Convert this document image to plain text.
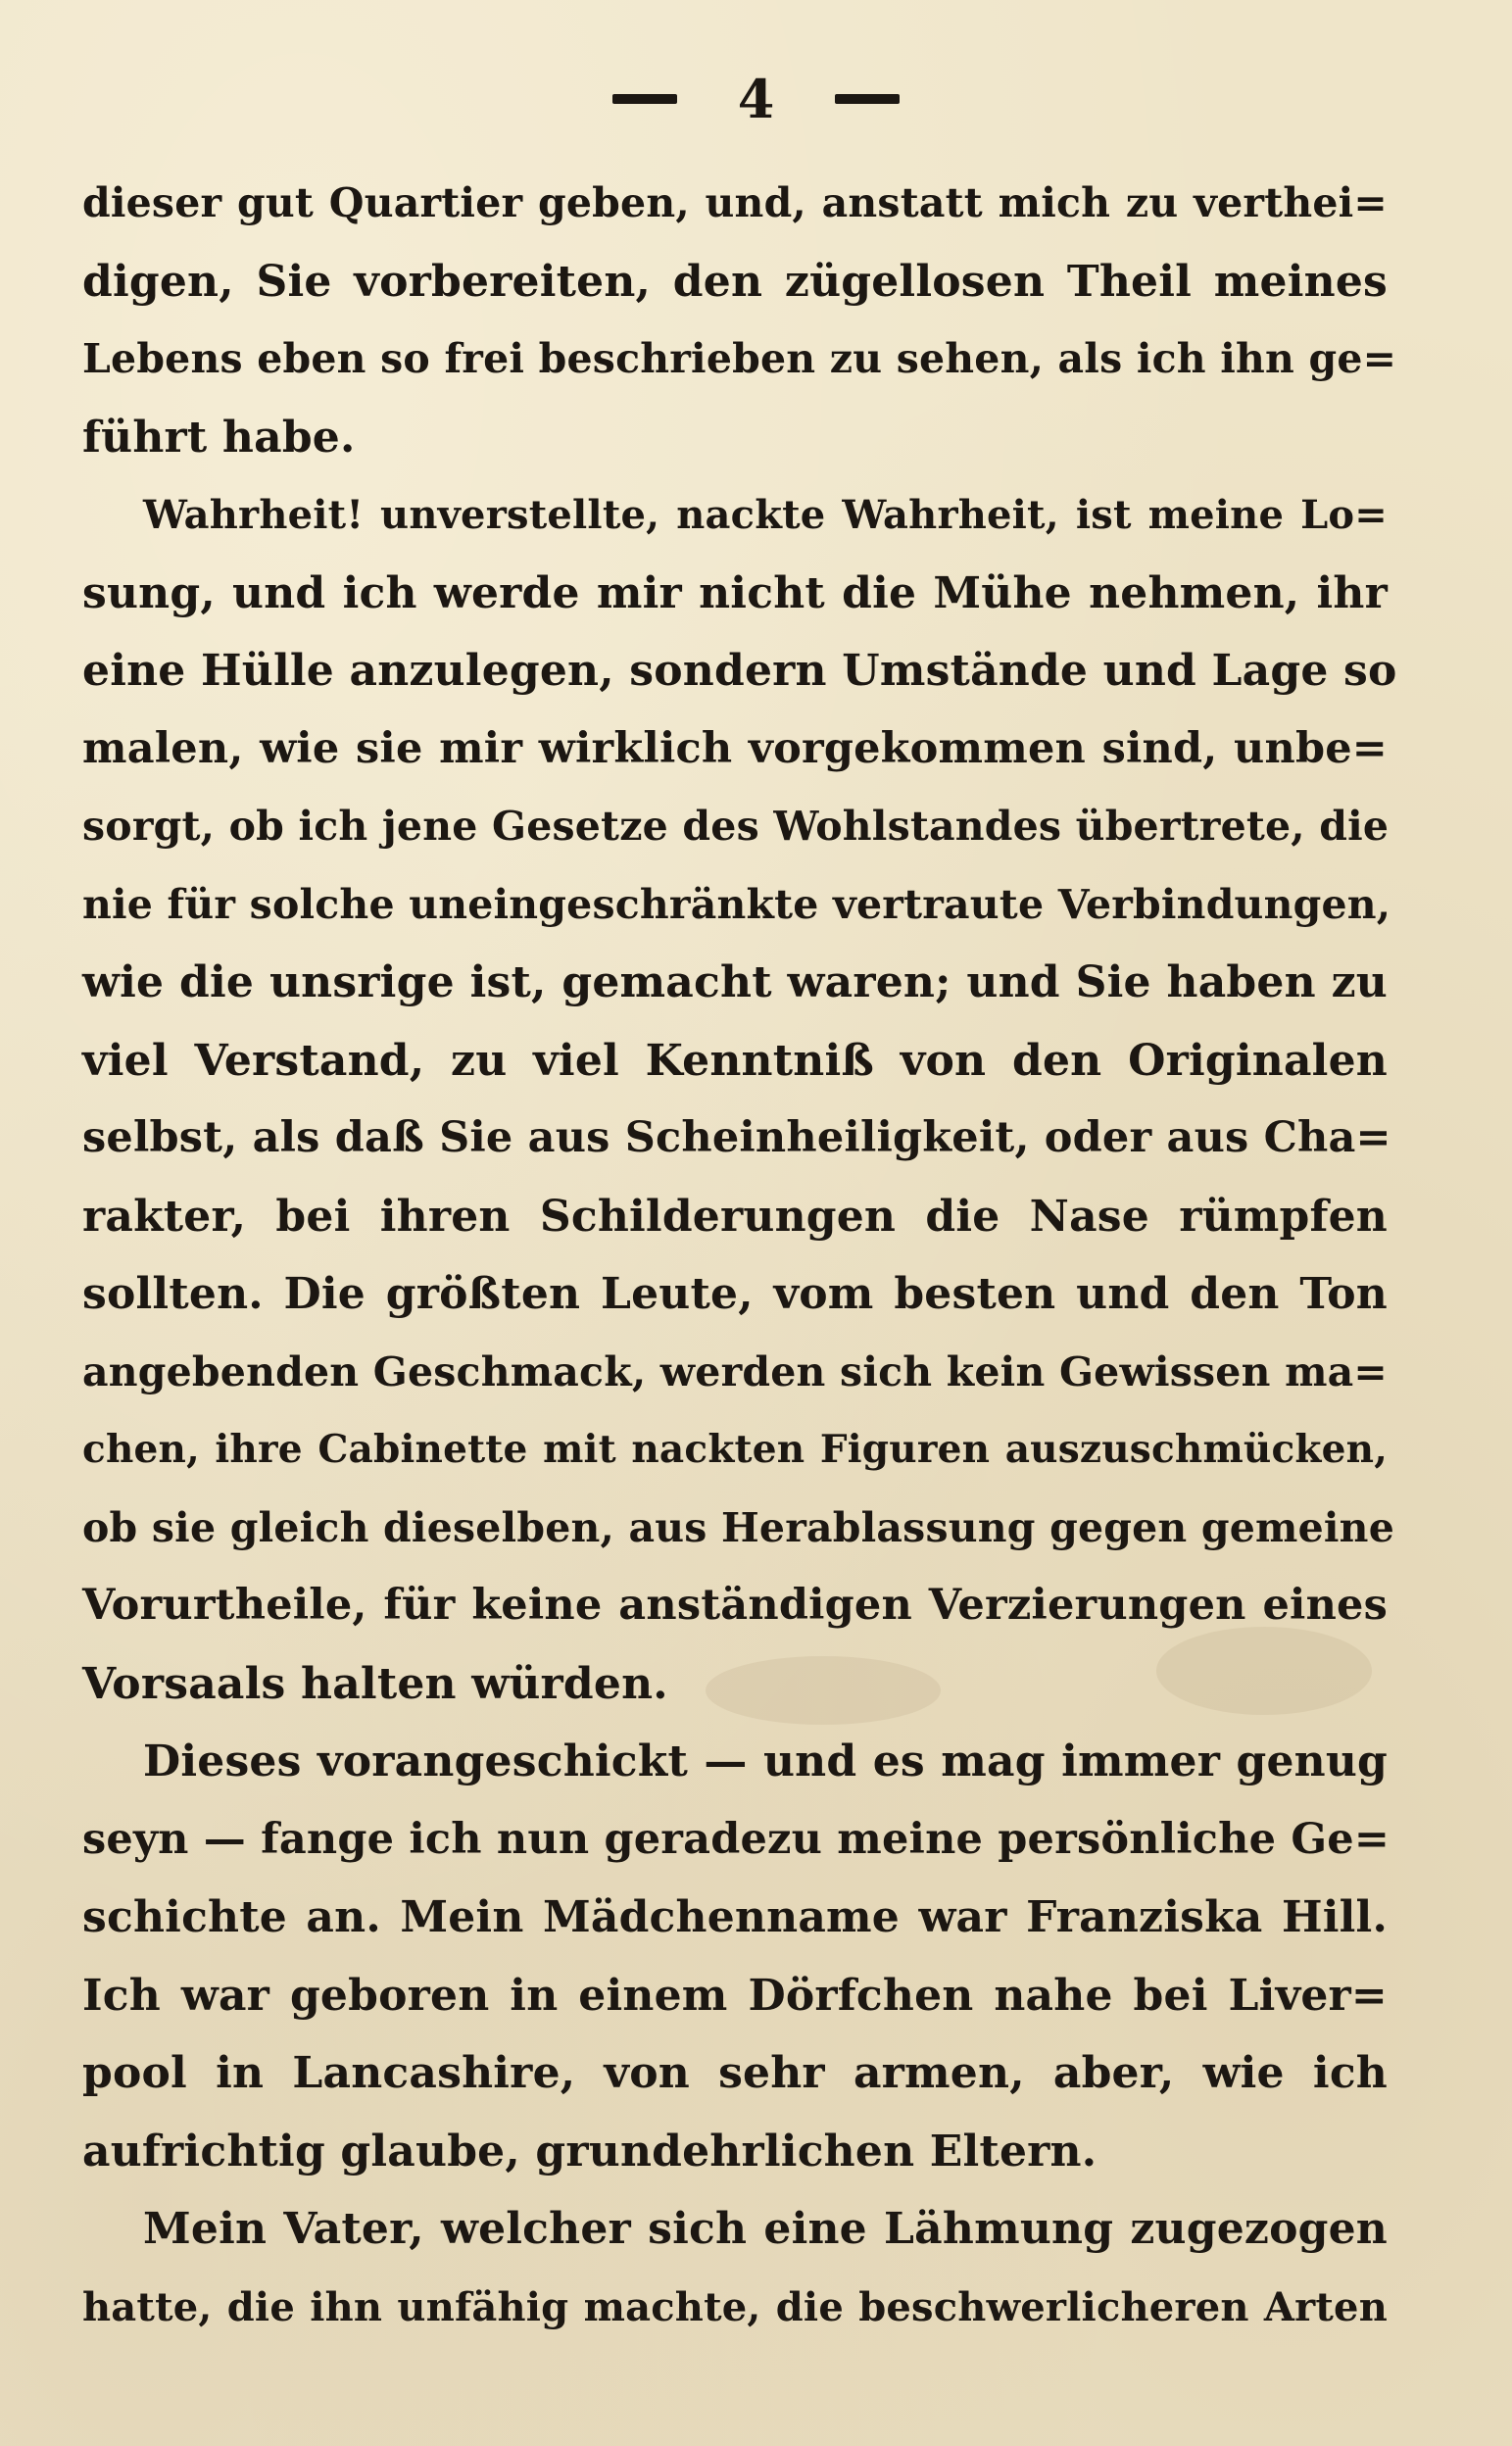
4
dieser gut Quartier geben, und, anstatt mich zu verthei=
digen, Sie vorbereiten, den zügellosen Theil meines
Lebens eben so frei beschrieben zu sehen, als ich ihn ge=
führt habe.
Wahrheit! unverstellte, nackte Wahrheit, ist meine Lo=
sung, und ich werde mir nicht die Mühe nehmen, ihr
eine Hülle anzulegen, sondern Umstände und Lage so
malen, wie sie mir wirklich vorgekommen sind, unbe=
sorgt, ob ich jene Gesetze des Wohlstandes übertrete, die
nie für solche uneingeschränkte vertraute Verbindungen,
wie die unsrige ist, gemacht waren; und Sie haben zu
viel Verstand, zu viel Kenntniß von den Originalen
selbst, als daß Sie aus Scheinheiligkeit, oder aus Cha=
rakter, bei ihren Schilderungen die Nase rümpfen
sollten. Die größten Leute, vom besten und den Ton
angebenden Geschmack, werden sich kein Gewissen ma=
chen, ihre Cabinette mit nackten Figuren auszuschmücken,
ob sie gleich dieselben, aus Herablassung gegen gemeine
Vorurtheile, für keine anständigen Verzierungen eines
Vorsaals halten würden.
Dieses vorangeschickt — und es mag immer genug
seyn — fange ich nun geradezu meine persönliche Ge=
schichte an. Mein Mädchenname war Franziska Hill.
Ich war geboren in einem Dörfchen nahe bei Liver=
pool in Lancashire, von sehr armen, aber, wie ich
aufrichtig glaube, grundehrlichen Eltern.
Mein Vater, welcher sich eine Lähmung zugezogen
hatte, die ihn unfähig machte, die beschwerlicheren Arten
